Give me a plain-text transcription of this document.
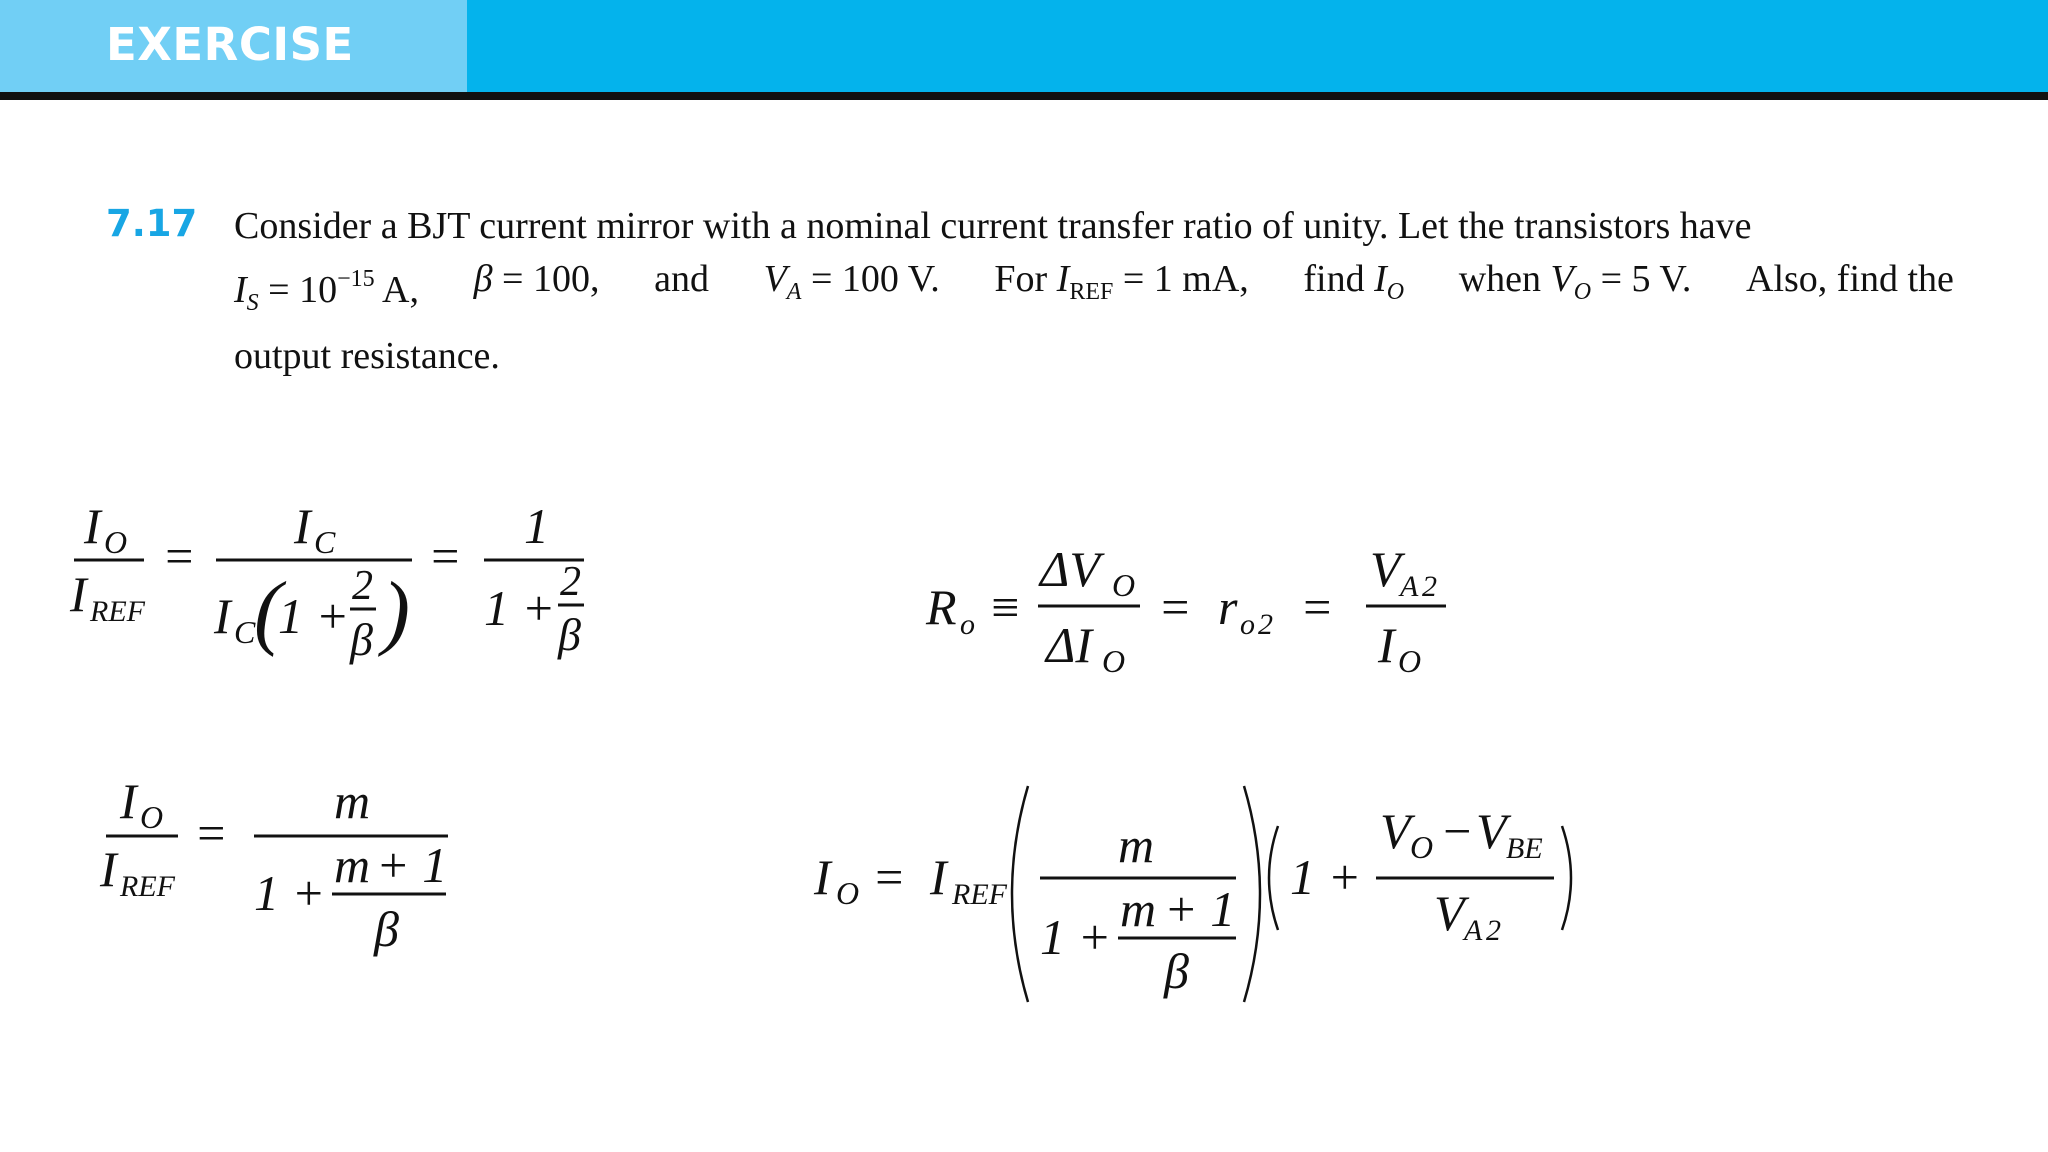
EXERCISE
7.17 Consider a BJT current mirror with a nominal current transfer ratio of unity. Let the transistors have
$I_S = 10^{-15}$ A, β = 100, and $V_A = 100$ V. For $I_{REF} = 1$ mA, find $I_O$ when $V_O = 5$ V. Also, find the
output resistance.
I O
I REF
=
I C
I C
(
1 +
2
β )
=
1
1 + 2
β	R o ≡
ΔV O
ΔI O
= r o 2 =
V A 2
I O
I O
I REF
=
m
1 + m + 1
β
I O = I REF
m
1 + m + 1
β
1 +
V O − V BE
V A 2
